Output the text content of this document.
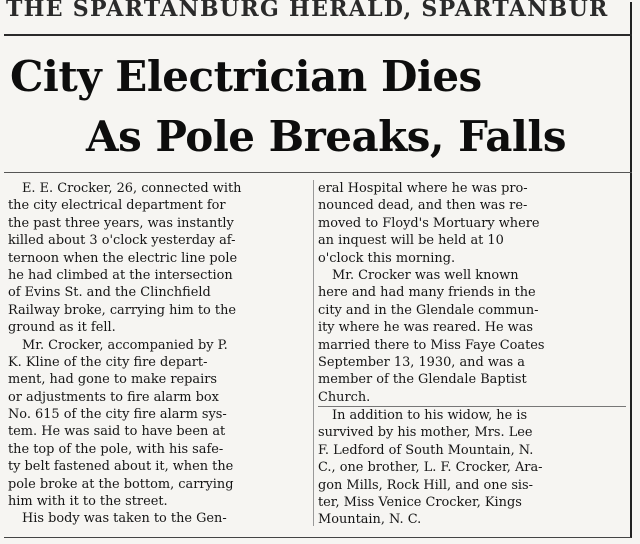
THE SPARTANBURG HERALD, SPARTANBUR
City Electrician Dies
As Pole Breaks, Falls
E. E. Crocker, 26, connected with
the city electrical department for
the past three years, was instantly
killed about 3 o'clock yesterday af-
ternoon when the electric line pole
he had climbed at the intersection
of Evins St. and the Clinchfield
Railway broke, carrying him to the
ground as it fell.
Mr. Crocker, accompanied by P.
K. Kline of the city fire depart-
ment, had gone to make repairs
or adjustments to fire alarm box
No. 615 of the city fire alarm sys-
tem. He was said to have been at
the top of the pole, with his safe-
ty belt fastened about it, when the
pole broke at the bottom, carrying
him with it to the street.
His body was taken to the Gen-
eral Hospital where he was pro-
nounced dead, and then was re-
moved to Floyd's Mortuary where
an inquest will be held at 10
o'clock this morning.
Mr. Crocker was well known
here and had many friends in the
city and in the Glendale commun-
ity where he was reared. He was
married there to Miss Faye Coates
September 13, 1930, and was a
member of the Glendale Baptist
Church.
In addition to his widow, he is
survived by his mother, Mrs. Lee
F. Ledford of South Mountain, N.
C., one brother, L. F. Crocker, Ara-
gon Mills, Rock Hill, and one sis-
ter, Miss Venice Crocker, Kings
Mountain, N. C.
